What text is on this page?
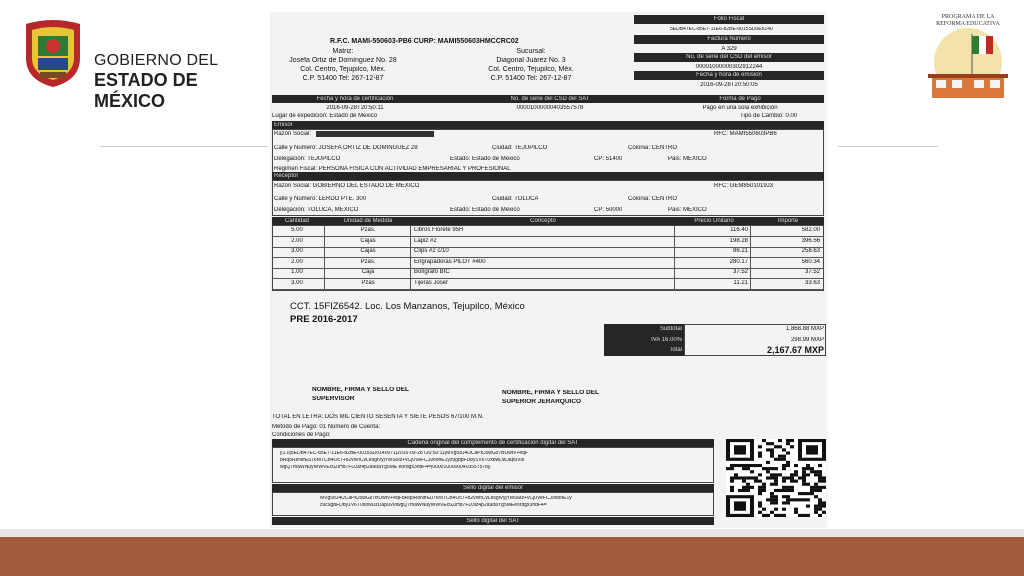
GOBIERNO DEL
ESTADO DE MÉXICO
PROGRAMA DE LA
REFORMA EDUCATIVA
Folio Fiscal
5EDB47EC-85E7-11E6-82BE-0015SD0E6140
Factura Número
A 329
No. de serie del CSD del emisor
00001000000302912244
Fecha y hora de emisión
2016-09-28T20:50:05
R.F.C. MAMI-550603-PB6 CURP: MAMI550603HMCCRC02
Matriz:
Josefa Ortiz de Domínguez No. 28
Col. Centro, Tejupilco, Méx.
C.P. 51400 Tel: 267-12-87
Sucursal:
Diagonal Juárez No. 3
Col. Centro, Tejupilco, Méx.
C.P. 51400 Tel: 267-12-87
Fecha y hora de certificación	No. de serie del CSD del SAT	Forma de Pago
2016-09-28T20:50:11	00001000000403557578	Pago en una sola exhibición
Lugar de expedición: Estado de Mexico	Tipo de Cambio: 0.00
Emisor
Razón Social:	RFC: MAMI550603PB6
Calle y Número: JOSEFA ORTIZ DE DOMINGUEZ 28	Ciudad: TEJUPILCO	Colonia: CENTRO
Delegación: TEJUPILCO	Estado: Estado de Mexico	CP: 51400	Pais: MEXICO
Regimen Fiscal: PERSONA FISICA CON ACTIVIDAD EMPRESARIAL Y PROFESIONAL
Receptor
Razón Social: GOBIERNO DEL ESTADO DE MEXICO	RFC: GEM8501019J3
Calle y Número: LERDO PTE. 300	Ciudad: TOLUCA	Colonia: CENTRO
Delegación: TOLUCA, MEXICO	Estado: Estado de Mexico	CP: 50000	Pais: MEXICO
Cantidad	Unidad de Medida	Concepto	Precio Unitario	Importe
CCT. 15FIZ6542. Loc. Los Manzanos, Tejupilco, México
PRE 2016-2017
NOMBRE, FIRMA Y SELLO DEL
SUPERVISOR
NOMBRE, FIRMA Y SELLO DEL
SUPERIOR JERÁRQUICO
TOTAL EN LETRA: DOS MIL CIENTO SESENTA Y SIETE PESOS 67/100 M.N.
Método de Pago: 01 Número de Cuenta:
Condiciones de Pago:
Cadena original del complemento de certificación digital del SAT
||1.0|5EDB47EC-85E7-11E6-82BE-0015SD0140071|2016-09-28T20:50:11|MVg58J4UCaPkJ5wGz7BUwtV+eqF
bRqoR8NfrEu76r87CB4Oc7+82vWfCvLesgiVyjYMS6tz+vCj0VeFCJ9oonE1yz9gbpFDby1V6T0x8wDzDapuVlo
wgQ7maWNuyWWVEc6ZiHd7FD3lz4p2a9daYg5ME eordgx3hdF4=|00001000000403557578||
Sello digital del emisor
MVg58J4UCaPkJ5wGz7BUwtV+eqFbRqoR8NfrEu76r87CB4Oc7+82vWfCvLesgiVyjYMS6tz+vCj0VeFCJ9oonE1y
z9c9gbFDby1V6T0x8wDzDapuVlowgQ7maWNuyWWVEc6ZiHd7FD3lz4p2a9daYg5MEeordgx3hdF4=
Sello digital del SAT
5.00	Pzas.	Libros Florete 95H	116.40	582.00
2.00	Cajas	Lapiz #2	198.28	396.56
3.00	Cajas	Clips #2 c/10	86.21	258.63
2.00	Pzas.	Engrapadoras PILOT #400	280.17	560.34
1.00	Caja	Bolígrafo BIC	37.52	37.52
3.00	Pzas	Tijeras Joser	11.21	33.63
Subtotal	1,868.88 MXP
IVA 16.00%	298.99 MXP
Total	2,167.67 MXP
